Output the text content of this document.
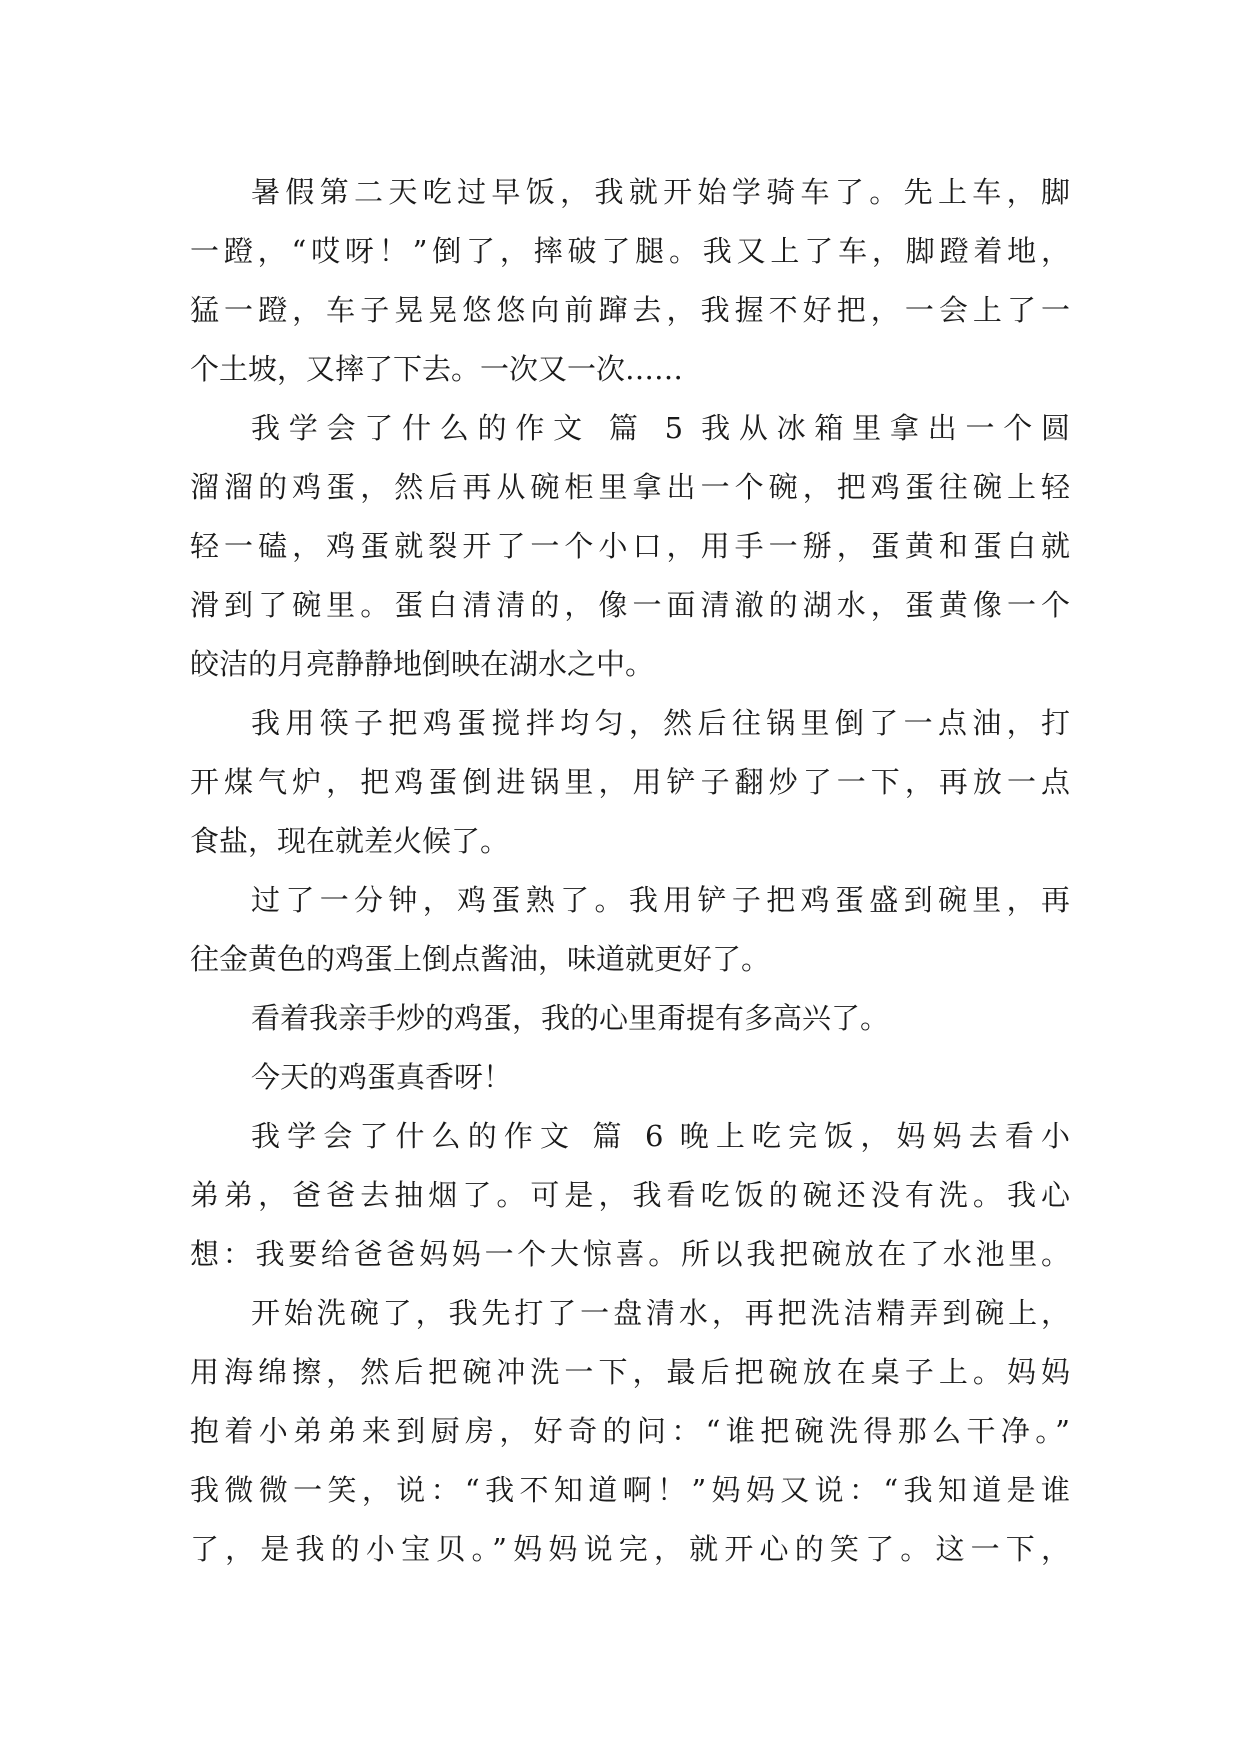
暑假第二天吃过早饭，我就开始学骑车了。先上车，脚
一蹬，“哎呀！”倒了，摔破了腿。我又上了车，脚蹬着地，
猛一蹬，车子晃晃悠悠向前蹿去，我握不好把，一会上了一
个土坡，又摔了下去。一次又一次……
我学会了什么的作文 篇 5 我从冰箱里拿出一个圆
溜溜的鸡蛋，然后再从碗柜里拿出一个碗，把鸡蛋往碗上轻
轻一磕，鸡蛋就裂开了一个小口，用手一掰，蛋黄和蛋白就
滑到了碗里。蛋白清清的，像一面清澈的湖水，蛋黄像一个
皎洁的月亮静静地倒映在湖水之中。
我用筷子把鸡蛋搅拌均匀，然后往锅里倒了一点油，打
开煤气炉，把鸡蛋倒进锅里，用铲子翻炒了一下，再放一点
食盐，现在就差火候了。
过了一分钟，鸡蛋熟了。我用铲子把鸡蛋盛到碗里，再
往金黄色的鸡蛋上倒点酱油，味道就更好了。
看着我亲手炒的鸡蛋，我的心里甭提有多高兴了。
今天的鸡蛋真香呀！
我学会了什么的作文 篇 6 晚上吃完饭，妈妈去看小
弟弟，爸爸去抽烟了。可是，我看吃饭的碗还没有洗。我心
想：我要给爸爸妈妈一个大惊喜。所以我把碗放在了水池里。
开始洗碗了，我先打了一盘清水，再把洗洁精弄到碗上，
用海绵擦，然后把碗冲洗一下，最后把碗放在桌子上。妈妈
抱着小弟弟来到厨房，好奇的问：“谁把碗洗得那么干净。”
我微微一笑，说：“我不知道啊！”妈妈又说：“我知道是谁
了，是我的小宝贝。”妈妈说完，就开心的笑了。这一下，
